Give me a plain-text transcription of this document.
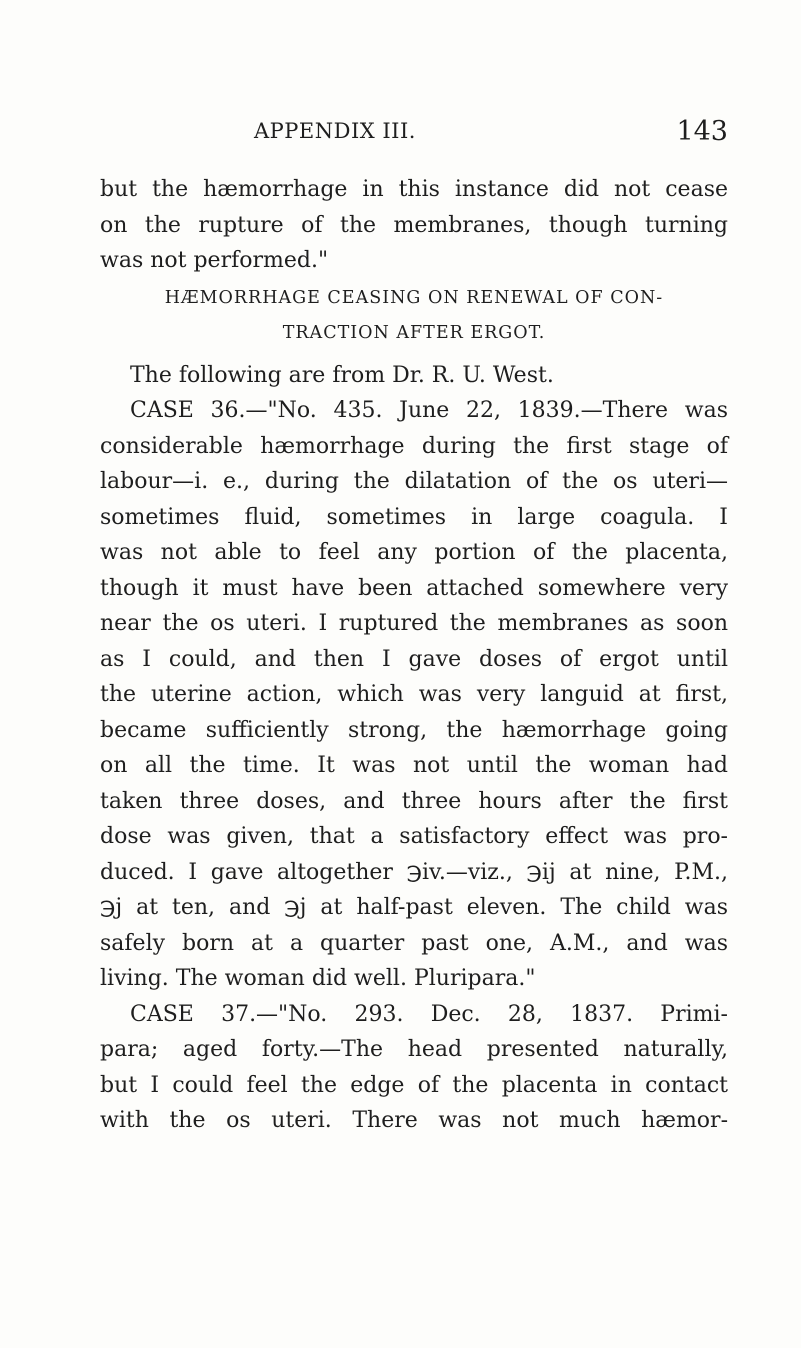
APPENDIX III.	143
but the hæmorrhage in this instance did not cease
on the rupture of the membranes, though turning
was not performed."
HÆMORRHAGE CEASING ON RENEWAL OF CON-
TRACTION AFTER ERGOT.
The following are from Dr. R. U. West.
CASE 36.—"No. 435. June 22, 1839.—There was
considerable hæmorrhage during the first stage of
labour—i. e., during the dilatation of the os uteri—
sometimes fluid, sometimes in large coagula. I
was not able to feel any portion of the placenta,
though it must have been attached somewhere very
near the os uteri. I ruptured the membranes as soon
as I could, and then I gave doses of ergot until
the uterine action, which was very languid at first,
became sufficiently strong, the hæmorrhage going
on all the time. It was not until the woman had
taken three doses, and three hours after the first
dose was given, that a satisfactory effect was pro-
duced. I gave altogether ℈iv.—viz., ℈ij at nine, P.M.,
℈j at ten, and ℈j at half-past eleven. The child was
safely born at a quarter past one, A.M., and was
living. The woman did well. Pluripara."
CASE 37.—"No. 293. Dec. 28, 1837. Primi-
para; aged forty.—The head presented naturally,
but I could feel the edge of the placenta in contact
with the os uteri. There was not much hæmor-
